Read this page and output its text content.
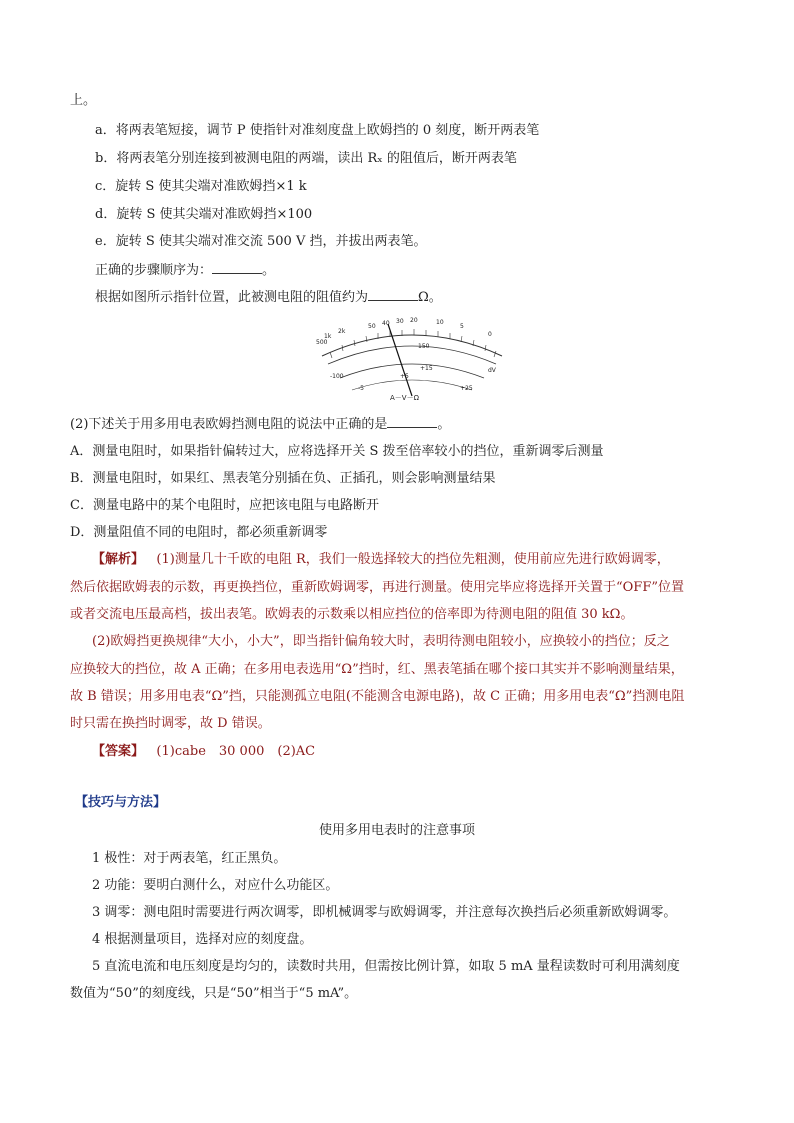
上。
a．将两表笔短接，调节 P 使指针对准刻度盘上欧姆挡的 0 刻度，断开两表笔
b．将两表笔分别连接到被测电阻的两端，读出 Rₓ 的阻值后，断开两表笔
c．旋转 S 使其尖端对准欧姆挡×1 k
d．旋转 S 使其尖端对准欧姆挡×100
e．旋转 S 使其尖端对准交流 500 V 挡，并拔出两表笔。
正确的步骤顺序为：	。
根据如图所示指针位置，此被测电阻的阻值约为	Ω。
50 40 30 20	10
5
0
500
1k
2k
150
dV
-100
-5
+5
+15
+25
A－V－Ω
(2)下述关于用多用电表欧姆挡测电阻的说法中正确的是	。
A．测量电阻时，如果指针偏转过大，应将选择开关 S 拨至倍率较小的挡位，重新调零后测量
B．测量电阻时，如果红、黑表笔分别插在负、正插孔，则会影响测量结果
C．测量电路中的某个电阻时，应把该电阻与电路断开
D．测量阻值不同的电阻时，都必须重新调零
【解析】 (1)测量几十千欧的电阻 R，我们一般选择较大的挡位先粗测，使用前应先进行欧姆调零，
然后依据欧姆表的示数，再更换挡位，重新欧姆调零，再进行测量。使用完毕应将选择开关置于“OFF”位置
或者交流电压最高档，拔出表笔。欧姆表的示数乘以相应挡位的倍率即为待测电阻的阻值 30 kΩ。
(2)欧姆挡更换规律“大小，小大”，即当指针偏角较大时，表明待测电阻较小，应换较小的挡位；反之
应换较大的挡位，故 A 正确；在多用电表选用“Ω”挡时，红、黑表笔插在哪个接口其实并不影响测量结果，
故 B 错误；用多用电表“Ω”挡，只能测孤立电阻(不能测含电源电路)，故 C 正确；用多用电表“Ω”挡测电阻
时只需在换挡时调零，故 D 错误。
【答案】 (1)cabe　30 000　(2)AC
【技巧与方法】
使用多用电表时的注意事项
1 极性：对于两表笔，红正黑负。
2 功能：要明白测什么，对应什么功能区。
3 调零：测电阻时需要进行两次调零，即机械调零与欧姆调零，并注意每次换挡后必须重新欧姆调零。
4 根据测量项目，选择对应的刻度盘。
5 直流电流和电压刻度是均匀的，读数时共用，但需按比例计算，如取 5 mA 量程读数时可利用满刻度
数值为“50”的刻度线，只是“50”相当于“5 mA”。
